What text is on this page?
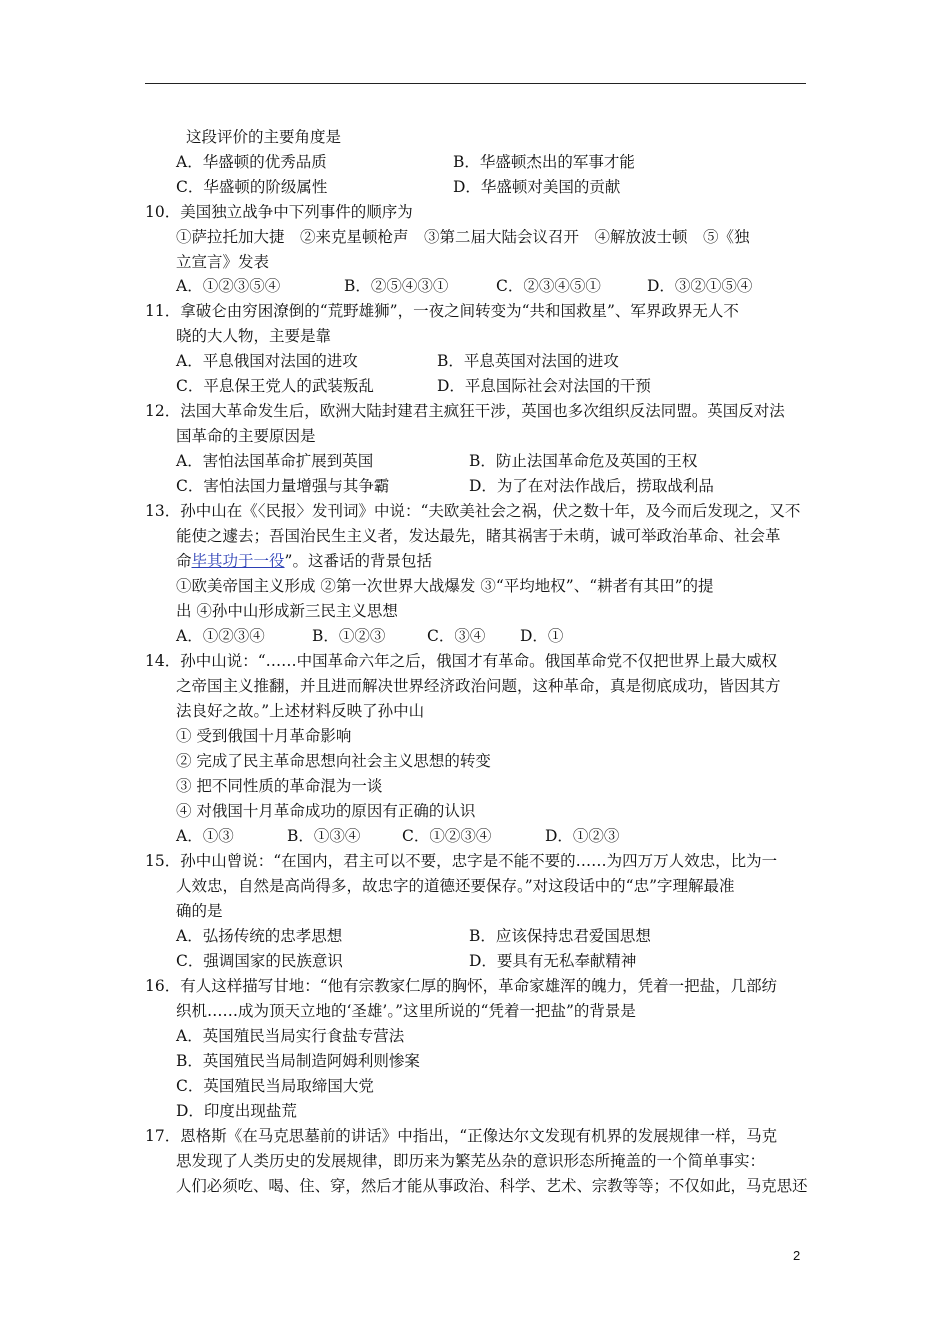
这段评价的主要角度是
A．华盛顿的优秀品质	B．华盛顿杰出的军事才能
C．华盛顿的阶级属性	D．华盛顿对美国的贡献
10．美国独立战争中下列事件的顺序为
①萨拉托加大捷　②来克星顿枪声　③第二届大陆会议召开　④解放波士顿　⑤《独
立宣言》发表
A．①②③⑤④	B．②⑤④③①	C．②③④⑤①	D．③②①⑤④
11．拿破仑由穷困潦倒的“荒野雄狮”，一夜之间转变为“共和国救星”、军界政界无人不
晓的大人物，主要是靠
A．平息俄国对法国的进攻	B．平息英国对法国的进攻
C．平息保王党人的武装叛乱	D．平息国际社会对法国的干预
12．法国大革命发生后，欧洲大陆封建君主疯狂干涉，英国也多次组织反法同盟。英国反对法
国革命的主要原因是
A．害怕法国革命扩展到英国	B．防止法国革命危及英国的王权
C．害怕法国力量增强与其争霸	D．为了在对法作战后，捞取战利品
13．孙中山在《〈民报〉发刊词》中说：“夫欧美社会之祸，伏之数十年，及今而后发现之，又不
能使之遽去；吾国治民生主义者，发达最先，睹其祸害于未萌，诚可举政治革命、社会革
命毕其功于一役”。这番话的背景包括
①欧美帝国主义形成 ②第一次世界大战爆发 ③“平均地权”、“耕者有其田”的提
出 ④孙中山形成新三民主义思想
A．①②③④	B．①②③	C．③④ D．①
14．孙中山说：“……中国革命六年之后，俄国才有革命。俄国革命党不仅把世界上最大威权
之帝国主义推翻，并且进而解决世界经济政治问题，这种革命，真是彻底成功，皆因其方
法良好之故。”上述材料反映了孙中山
① 受到俄国十月革命影响
② 完成了民主革命思想向社会主义思想的转变
③ 把不同性质的革命混为一谈
④ 对俄国十月革命成功的原因有正确的认识
A．①③	B．①③④	C．①②③④	D．①②③
15．孙中山曾说：“在国内，君主可以不要，忠字是不能不要的……为四万万人效忠，比为一
人效忠，自然是高尚得多，故忠字的道德还要保存。”对这段话中的“忠”字理解最准
确的是
A．弘扬传统的忠孝思想	B．应该保持忠君爱国思想
C．强调国家的民族意识	D．要具有无私奉献精神
16．有人这样描写甘地：“他有宗教家仁厚的胸怀，革命家雄浑的魄力，凭着一把盐，几部纺
织机……成为顶天立地的‘圣雄’。”这里所说的“凭着一把盐”的背景是
A．英国殖民当局实行食盐专营法
B．英国殖民当局制造阿姆利则惨案
C．英国殖民当局取缔国大党
D．印度出现盐荒
17．恩格斯《在马克思墓前的讲话》中指出，“正像达尔文发现有机界的发展规律一样，马克
思发现了人类历史的发展规律，即历来为繁芜丛杂的意识形态所掩盖的一个简单事实：
人们必须吃、喝、住、穿，然后才能从事政治、科学、艺术、宗教等等；不仅如此，马克思还
2
